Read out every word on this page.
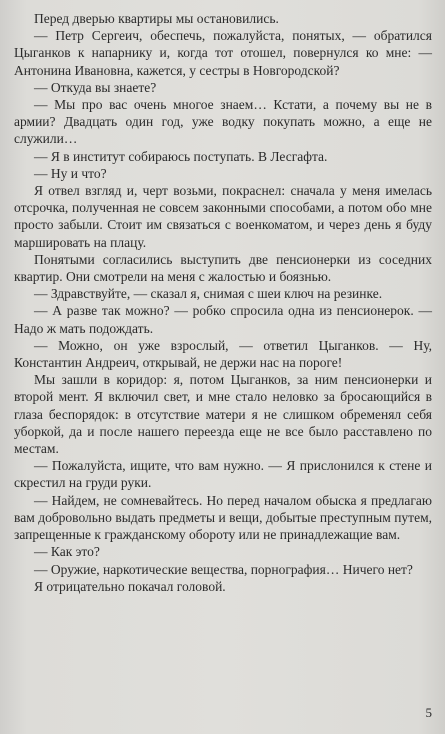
Перед дверью квартиры мы остановились.

— Петр Сергеич, обеспечь, пожалуйста, понятых, — обратился Цыганков к напарнику и, когда тот отошел, повернулся ко мне: — Антонина Ивановна, кажется, у сестры в Новгородской?

— Откуда вы знаете?

— Мы про вас очень многое знаем… Кстати, а почему вы не в армии? Двадцать один год, уже водку покупать можно, а еще не служили…

— Я в институт собираюсь поступать. В Лесгафта.

— Ну и что?

Я отвел взгляд и, черт возьми, покраснел: сначала у меня имелась отсрочка, полученная не совсем законными способами, а потом обо мне просто забыли. Стоит им связаться с военкоматом, и через день я буду маршировать на плацу.

Понятыми согласились выступить две пенсионерки из соседних квартир. Они смотрели на меня с жалостью и боязнью.

— Здравствуйте, — сказал я, снимая с шеи ключ на резинке.

— А разве так можно? — робко спросила одна из пенсионерок. — Надо ж мать подождать.

— Можно, он уже взрослый, — ответил Цыганков. — Ну, Константин Андреич, открывай, не держи нас на пороге!

Мы зашли в коридор: я, потом Цыганков, за ним пенсионерки и второй мент. Я включил свет, и мне стало неловко за бросающийся в глаза беспорядок: в отсутствие матери я не слишком обременял себя уборкой, да и после нашего переезда еще не все было расставлено по местам.

— Пожалуйста, ищите, что вам нужно. — Я прислонился к стене и скрестил на груди руки.

— Найдем, не сомневайтесь. Но перед началом обыска я предлагаю вам добровольно выдать предметы и вещи, добытые преступным путем, запрещенные к гражданскому обороту или не принадлежащие вам.

— Как это?

— Оружие, наркотические вещества, порнография… Ничего нет?

Я отрицательно покачал головой.

5
